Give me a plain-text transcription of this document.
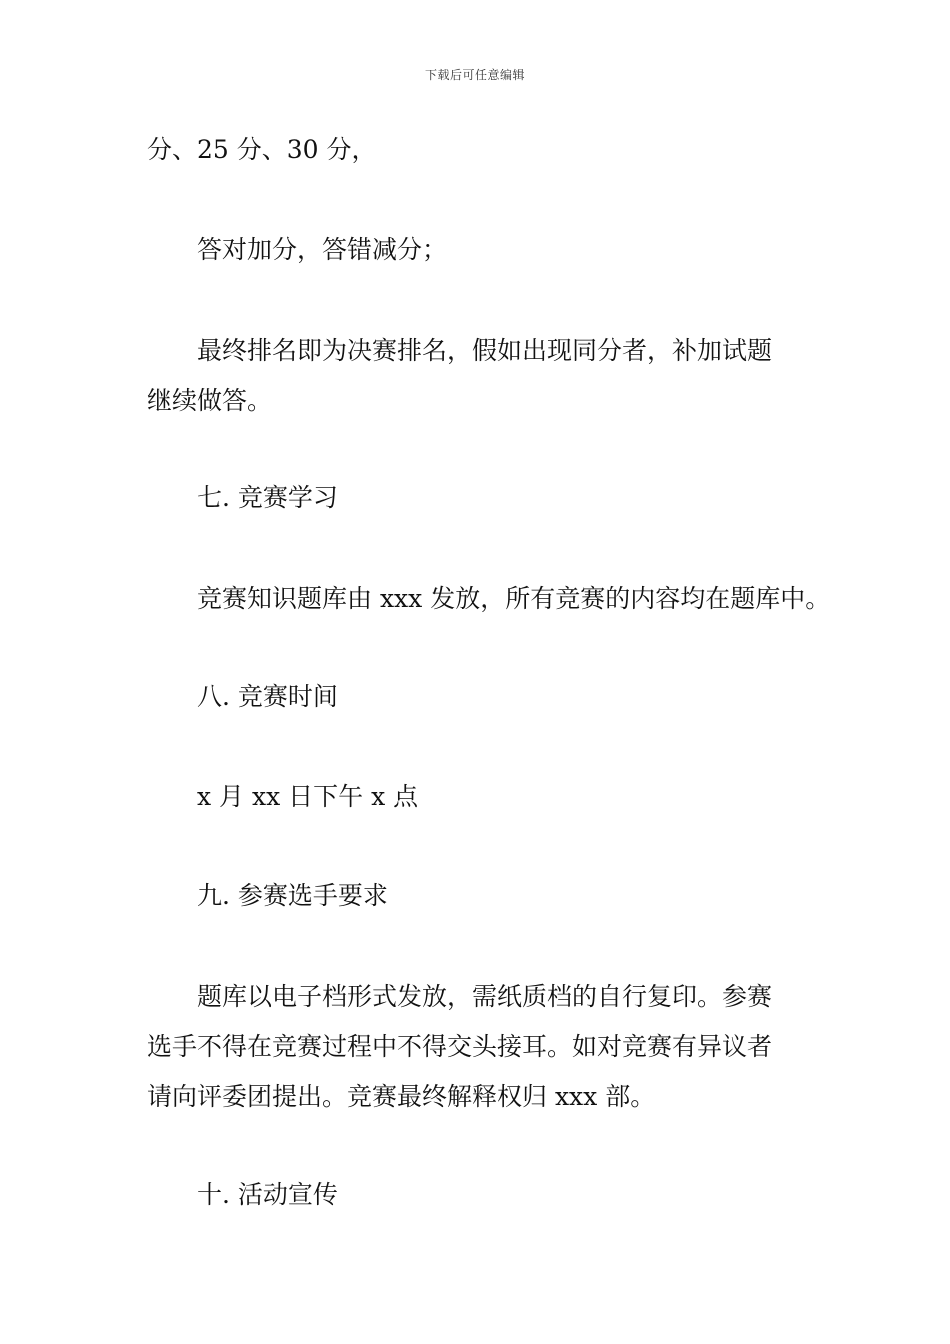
下载后可任意编辑
分、25 分、30 分，
答对加分，答错减分；
最终排名即为决赛排名，假如出现同分者，补加试题
继续做答。
七. 竞赛学习
竞赛知识题库由 xxx 发放，所有竞赛的内容均在题库中。
八. 竞赛时间
x 月 xx 日下午 x 点
九. 参赛选手要求
题库以电子档形式发放，需纸质档的自行复印。参赛
选手不得在竞赛过程中不得交头接耳。如对竞赛有异议者
请向评委团提出。竞赛最终解释权归 xxx 部。
十. 活动宣传
